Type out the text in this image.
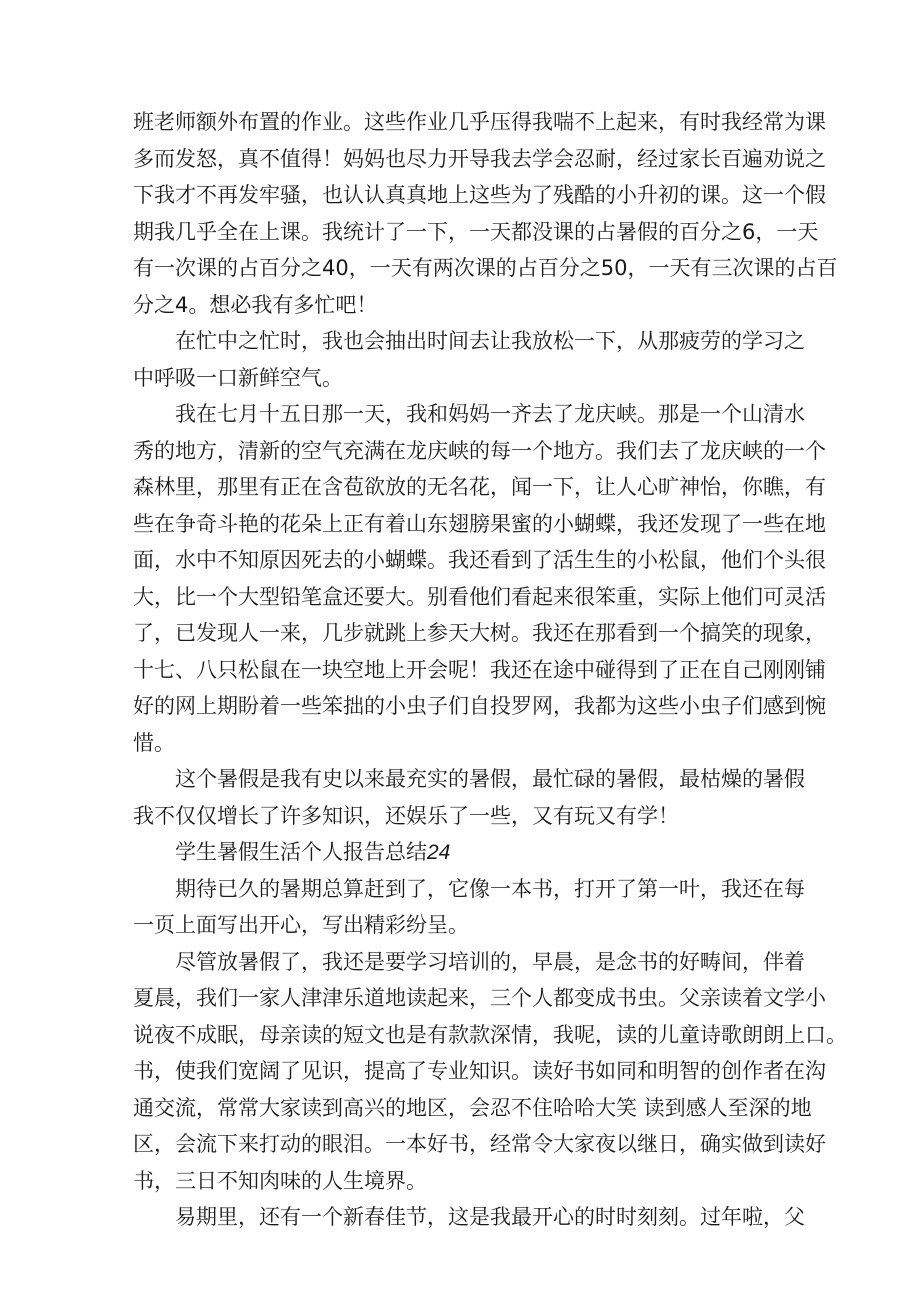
班老师额外布置的作业。这些作业几乎压得我喘不上起来，有时我经常为课
多而发怒，真不值得！妈妈也尽力开导我去学会忍耐，经过家长百遍劝说之
下我才不再发牢骚，也认认真真地上这些为了残酷的小升初的课。这一个假
期我几乎全在上课。我统计了一下，一天都没课的占暑假的百分之6，一天
有一次课的占百分之40，一天有两次课的占百分之50，一天有三次课的占百
分之4。想必我有多忙吧！
在忙中之忙时，我也会抽出时间去让我放松一下，从那疲劳的学习之
中呼吸一口新鲜空气。
我在七月十五日那一天，我和妈妈一齐去了龙庆峡。那是一个山清水
秀的地方，清新的空气充满在龙庆峡的每一个地方。我们去了龙庆峡的一个
森林里，那里有正在含苞欲放的无名花，闻一下，让人心旷神怡，你瞧，有
些在争奇斗艳的花朵上正有着山东翅膀果蜜的小蝴蝶，我还发现了一些在地
面，水中不知原因死去的小蝴蝶。我还看到了活生生的小松鼠，他们个头很
大，比一个大型铅笔盒还要大。别看他们看起来很笨重，实际上他们可灵活
了，已发现人一来，几步就跳上参天大树。我还在那看到一个搞笑的现象，
十七、八只松鼠在一块空地上开会呢！我还在途中碰得到了正在自己刚刚铺
好的网上期盼着一些笨拙的小虫子们自投罗网，我都为这些小虫子们感到惋
惜。
这个暑假是我有史以来最充实的暑假，最忙碌的暑假，最枯燥的暑假
我不仅仅增长了许多知识，还娱乐了一些，又有玩又有学！
学生暑假生活个人报告总结24
期待已久的暑期总算赶到了，它像一本书，打开了第一叶，我还在每
一页上面写出开心，写出精彩纷呈。
尽管放暑假了，我还是要学习培训的，早晨，是念书的好畴间，伴着
夏晨，我们一家人津津乐道地读起来，三个人都变成书虫。父亲读着文学小
说夜不成眠，母亲读的短文也是有款款深情，我呢，读的儿童诗歌朗朗上口。
书，使我们宽阔了见识，提高了专业知识。读好书如同和明智的创作者在沟
通交流，常常大家读到高兴的地区，会忍不住哈哈大笑 读到感人至深的地
区，会流下来打动的眼泪。一本好书，经常令大家夜以继日，确实做到读好
书，三日不知肉味的人生境界。
易期里，还有一个新春佳节，这是我最开心的时时刻刻。过年啦，父
